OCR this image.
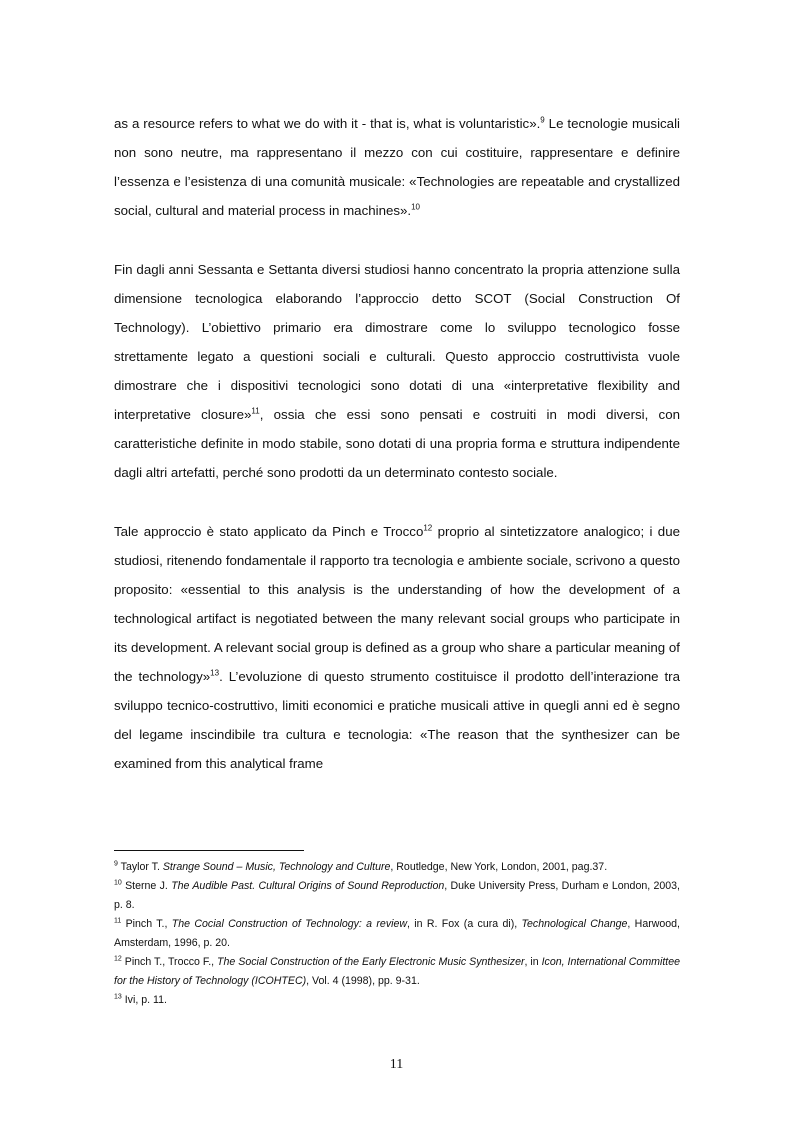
as a resource refers to what we do with it - that is, what is voluntaristic».$^9$ Le tecnologie musicali non sono neutre, ma rappresentano il mezzo con cui costituire, rappresentare e definire l’essenza e l’esistenza di una comunità musicale: «Technologies are repeatable and crystallized social, cultural and material process in machines».$^{10}$

Fin dagli anni Sessanta e Settanta diversi studiosi hanno concentrato la propria attenzione sulla dimensione tecnologica elaborando l’approccio detto SCOT (Social Construction Of Technology). L’obiettivo primario era dimostrare come lo sviluppo tecnologico fosse strettamente legato a questioni sociali e culturali. Questo approccio costruttivista vuole dimostrare che i dispositivi tecnologici sono dotati di una «interpretative flexibility and interpretative closure»$^{11}$, ossia che essi sono pensati e costruiti in modi diversi, con caratteristiche definite in modo stabile, sono dotati di una propria forma e struttura indipendente dagli altri artefatti, perché sono prodotti da un determinato contesto sociale.

Tale approccio è stato applicato da Pinch e Trocco$^{12}$ proprio al sintetizzatore analogico; i due studiosi, ritenendo fondamentale il rapporto tra tecnologia e ambiente sociale, scrivono a questo proposito: «essential to this analysis is the understanding of how the development of a technological artifact is negotiated between the many relevant social groups who participate in its development. A relevant social group is defined as a group who share a particular meaning of the technology»$^{13}$. L’evoluzione di questo strumento costituisce il prodotto dell’interazione tra sviluppo tecnico-costruttivo, limiti economici e pratiche musicali attive in quegli anni ed è segno del legame inscindibile tra cultura e tecnologia: «The reason that the synthesizer can be examined from this analytical frame

$^9$ Taylor T. Strange Sound – Music, Technology and Culture, Routledge, New York, London, 2001, pag.37.

$^{10}$ Sterne J. The Audible Past. Cultural Origins of Sound Reproduction, Duke University Press, Durham e London, 2003, p. 8.

$^{11}$ Pinch T., The Cocial Construction of Technology: a review, in R. Fox (a cura di), Technological Change, Harwood, Amsterdam, 1996, p. 20.

$^{12}$ Pinch T., Trocco F., The Social Construction of the Early Electronic Music Synthesizer, in Icon, International Committee for the History of Technology (ICOHTEC), Vol. 4 (1998), pp. 9-31.

$^{13}$ Ivi, p. 11.

11
